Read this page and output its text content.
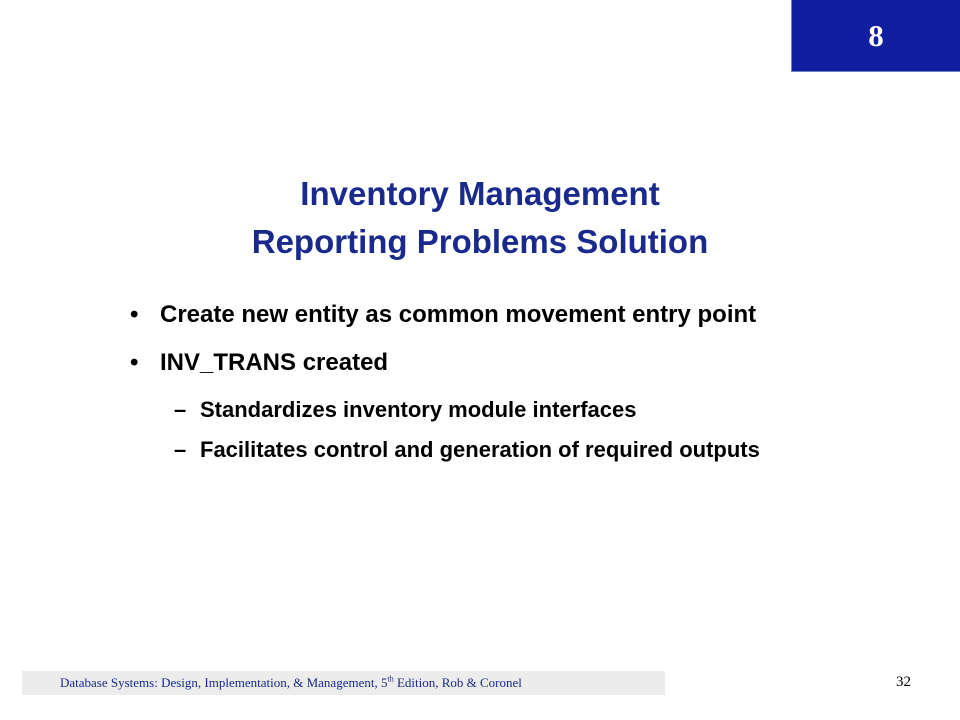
8
Inventory Management
Reporting Problems Solution
• Create new entity as common movement entry point
• INV_TRANS created
– Standardizes inventory module interfaces
– Facilitates control and generation of required outputs
Database Systems: Design, Implementation, & Management, 5th Edition, Rob & Coronel	32
